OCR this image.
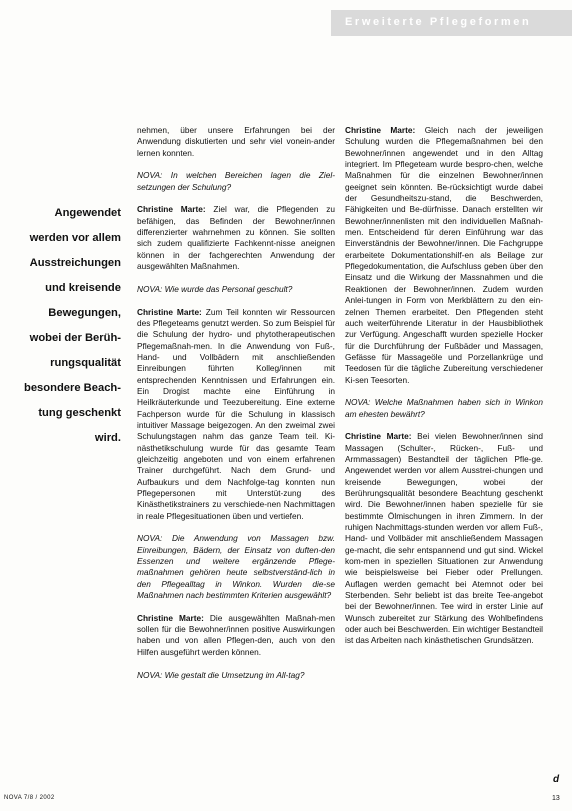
Erweiterte Pflegeformen
Angewendet
werden vor allem
Ausstreichungen
und kreisende
Bewegungen,
wobei der Berüh-
rungsqualität
besondere Beach-
tung geschenkt
wird.

nehmen, über unsere Erfahrungen bei der Anwendung diskutierten und sehr viel vonein-ander lernen konnten.

NOVA: In welchen Bereichen lagen die Ziel-setzungen der Schulung?

Christine Marte: Ziel war, die Pflegenden zu befähigen, das Befinden der Bewohner/innen differenzierter wahrnehmen zu können. Sie sollten sich zudem qualifizierte Fachkennt-nisse aneignen können in der fachgerechten Anwendung der ausgewählten Maßnahmen.

NOVA: Wie wurde das Personal geschult?

Christine Marte: Zum Teil konnten wir Ressourcen des Pflegeteams genutzt werden. So zum Beispiel für die Schulung der hydro- und phytotherapeutischen Pflegemaßnah-men. In die Anwendung von Fuß-, Hand- und Vollbädern mit anschließenden Einreibungen führten Kolleg/innen mit entsprechenden Kenntnissen und Erfahrungen ein. Ein Drogist machte eine Einführung in Heilkräuterkunde und Teezubereitung. Eine externe Fachperson wurde für die Schulung in klassisch intuitiver Massage beigezogen. An den zweimal zwei Schulungstagen nahm das ganze Team teil. Ki-nästhetikschulung wurde für das gesamte Team gleichzeitig angeboten und von einem erfahrenen Trainer durchgeführt. Nach dem Grund- und Aufbaukurs und dem Nachfolge-tag konnten nun Pflegepersonen mit Unterstüt-zung des Kinästhetikstrainers zu verschiede-nen Nachmittagen in reale Pflegesituationen üben und vertiefen.

NOVA: Die Anwendung von Massagen bzw. Einreibungen, Bädern, der Einsatz von duften-den Essenzen und weitere ergänzende Pflege-maßnahmen gehören heute selbstverständ-lich in den Pflegealltag in Winkon. Wurden die-se Maßnahmen nach bestimmten Kriterien ausgewählt?

Christine Marte: Die ausgewählten Maßnah-men sollen für die Bewohner/innen positive Auswirkungen haben und von allen Pflegen-den, auch von den Hilfen ausgeführt werden können.

NOVA: Wie gestalt die Umsetzung im All-tag?

Christine Marte: Gleich nach der jeweiligen Schulung wurden die Pflegemaßnahmen bei den Bewohner/innen angewendet und in den Alltag integriert. Im Pflegeteam wurde bespro-chen, welche Maßnahmen für die einzelnen Bewohner/innen geeignet sein könnten. Be-rücksichtigt wurde dabei der Gesundheitszu-stand, die Beschwerden, Fähigkeiten und Be-dürfnisse. Danach erstellten wir Bewohner/innenlisten mit den individuellen Maßnah-men. Entscheidend für deren Einführung war das Einverständnis der Bewohner/innen. Die Fachgruppe erarbeitete Dokumentationshilf-en als Beilage zur Pflegedokumentation, die Aufschluss geben über den Einsatz und die Wirkung der Massnahmen und die Reaktionen der Bewohner/innen. Zudem wurden Anlei-tungen in Form von Merkblättern zu den ein-zelnen Themen erarbeitet. Den Pflegenden steht auch weiterführende Literatur in der Hausbibliothek zur Verfügung. Angeschafft wurden spezielle Hocker für die Durchführung der Fußbäder und Massagen, Gefässe für Massageöle und Porzellankrüge und Teedosen für die tägliche Zubereitung verschiedener Ki-sen Teesorten.

NOVA: Welche Maßnahmen haben sich in Winkon am ehesten bewährt?

Christine Marte: Bei vielen Bewohner/innen sind Massagen (Schulter-, Rücken-, Fuß- und Armmassagen) Bestandteil der täglichen Pfle-ge. Angewendet werden vor allem Ausstrei-chungen und kreisende Bewegungen, wobei der Berührungsqualität besondere Beachtung geschenkt wird. Die Bewohner/innen haben spezielle für sie bestimmte Ölmischungen in ihren Zimmern. In der ruhigen Nachmittags-stunden werden vor allem Fuß-, Hand- und Vollbäder mit anschließendem Massagen ge-macht, die sehr entspannend und gut sind. Wickel kom-men in speziellen Situationen zur Anwendung wie beispielsweise bei Fieber oder Prellungen. Auflagen werden gemacht bei Atemnot oder bei Sterbenden. Sehr beliebt ist das breite Tee-angebot bei der Bewohner/innen. Tee wird in erster Linie auf Wunsch zubereitet zur Stärkung des Wohlbefindens oder auch bei Beschwerden. Ein wichtiger Bestandteil ist das Arbeiten nach kinästhetischen Grundsätzen.

d
NOVA 7/8 / 2002	13
